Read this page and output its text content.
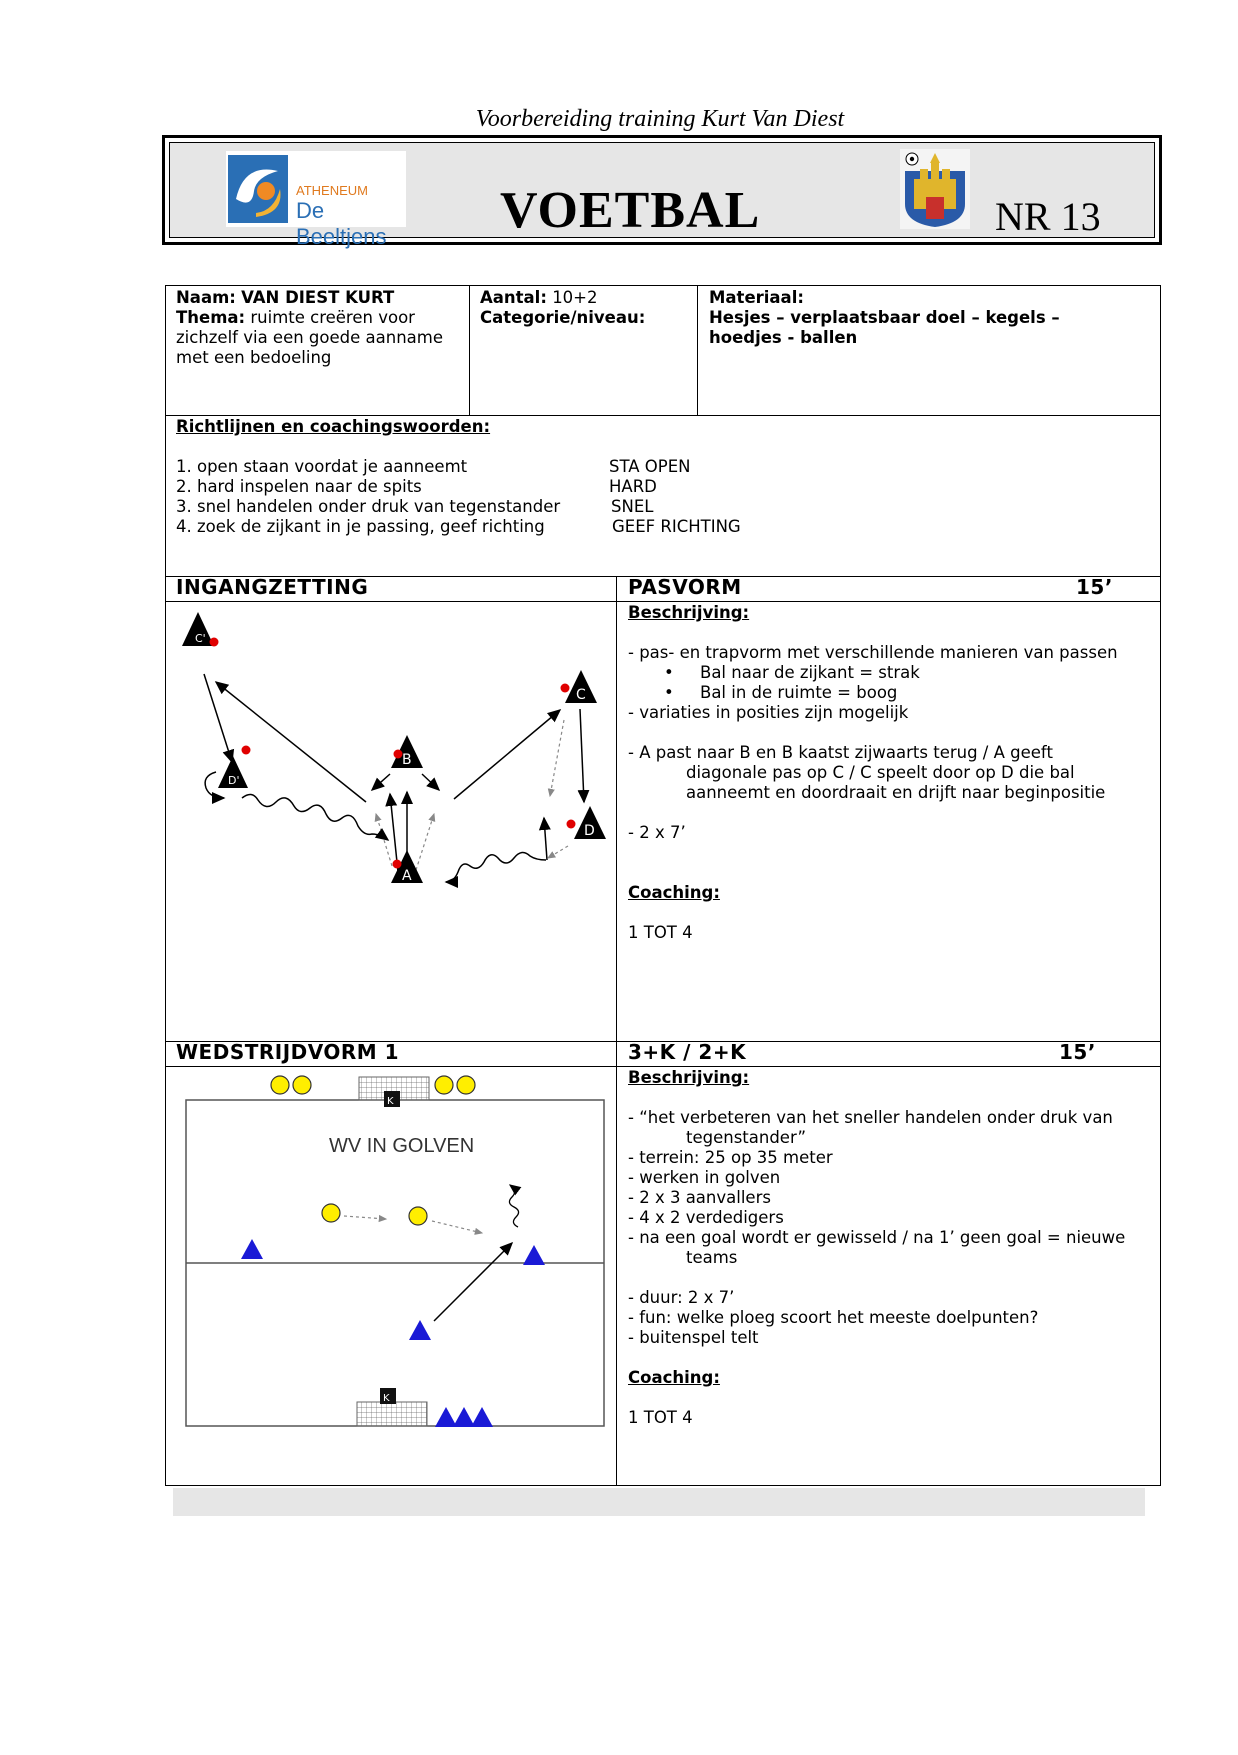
Voorbereiding training Kurt Van Diest
ATHENEUM
De Beeltjens	VOETBAL	NR 13
Naam: VAN DIEST KURT
Thema: ruimte creëren voor
zichzelf via een goede aanname
met een bedoeling
Aantal: 10+2
Categorie/niveau:
Materiaal:
Hesjes – verplaatsbaar doel – kegels –
hoedjes - ballen
Richtlijnen en coachingswoorden:
1. open staan voordat je aanneemt	STA OPEN
2. hard inspelen naar de spits	HARD
3. snel handelen onder druk van tegenstander	SNEL
4. zoek de zijkant in je passing, geef richting	GEEF RICHTING
INGANGZETTING	PASVORM	15’
C'
D'
B
A
C
D
Beschrijving:
- pas- en trapvorm met verschillende manieren van passen
• Bal naar de zijkant = strak
• Bal in de ruimte = boog
- variaties in posities zijn mogelijk
- A past naar B en B kaatst zijwaarts terug / A geeft
diagonale pas op C / C speelt door op D die bal
aanneemt en doordraait en drijft naar beginpositie
- 2 x 7’
Coaching:
1 TOT 4
WEDSTRIJDVORM 1	3+K / 2+K	15’
K
K
WV IN GOLVEN
Beschrijving:
- “het verbeteren van het sneller handelen onder druk van
tegenstander”
- terrein: 25 op 35 meter
- werken in golven
- 2 x 3 aanvallers
- 4 x 2 verdedigers
- na een goal wordt er gewisseld / na 1’ geen goal = nieuwe
teams
- duur: 2 x 7’
- fun: welke ploeg scoort het meeste doelpunten?
- buitenspel telt
Coaching:
1 TOT 4
